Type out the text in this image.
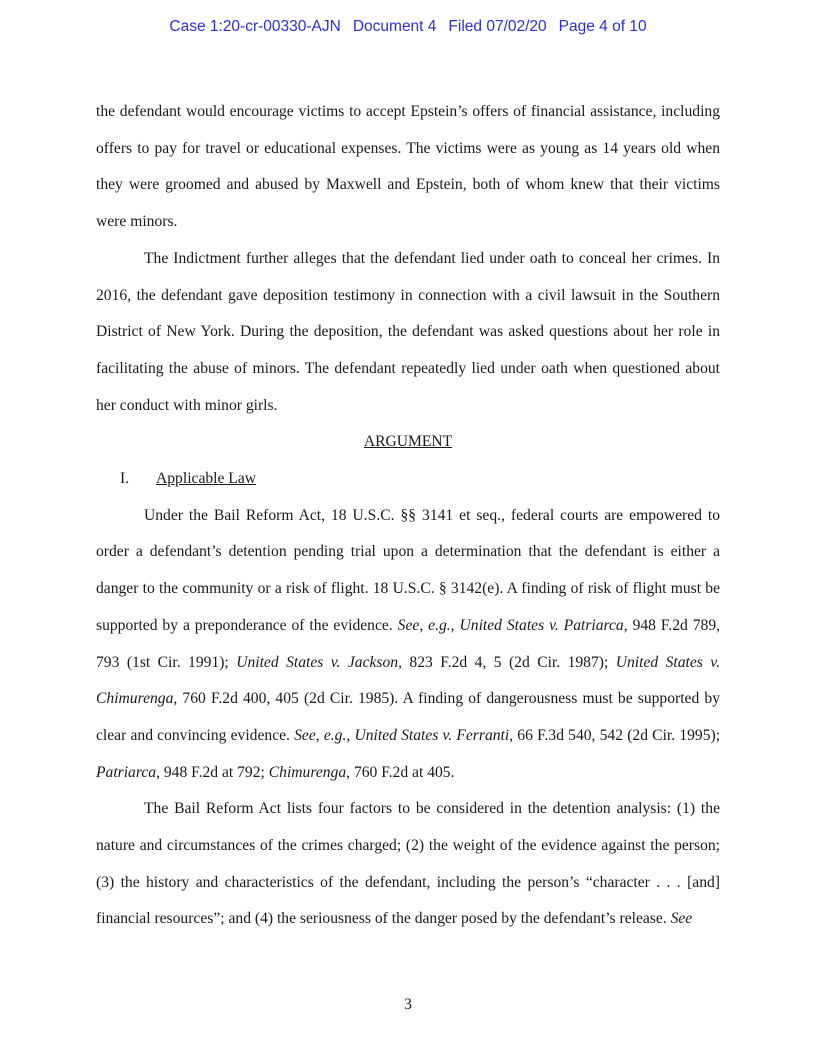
Case 1:20-cr-00330-AJN Document 4 Filed 07/02/20 Page 4 of 10

the defendant would encourage victims to accept Epstein’s offers of financial assistance, including offers to pay for travel or educational expenses. The victims were as young as 14 years old when they were groomed and abused by Maxwell and Epstein, both of whom knew that their victims were minors.

The Indictment further alleges that the defendant lied under oath to conceal her crimes. In 2016, the defendant gave deposition testimony in connection with a civil lawsuit in the Southern District of New York. During the deposition, the defendant was asked questions about her role in facilitating the abuse of minors. The defendant repeatedly lied under oath when questioned about her conduct with minor girls.

ARGUMENT

I. Applicable Law

Under the Bail Reform Act, 18 U.S.C. §§ 3141 et seq., federal courts are empowered to order a defendant’s detention pending trial upon a determination that the defendant is either a danger to the community or a risk of flight. 18 U.S.C. § 3142(e). A finding of risk of flight must be supported by a preponderance of the evidence. See, e.g., United States v. Patriarca, 948 F.2d 789, 793 (1st Cir. 1991); United States v. Jackson, 823 F.2d 4, 5 (2d Cir. 1987); United States v. Chimurenga, 760 F.2d 400, 405 (2d Cir. 1985). A finding of dangerousness must be supported by clear and convincing evidence. See, e.g., United States v. Ferranti, 66 F.3d 540, 542 (2d Cir. 1995); Patriarca, 948 F.2d at 792; Chimurenga, 760 F.2d at 405.

The Bail Reform Act lists four factors to be considered in the detention analysis: (1) the nature and circumstances of the crimes charged; (2) the weight of the evidence against the person; (3) the history and characteristics of the defendant, including the person’s “character . . . [and] financial resources”; and (4) the seriousness of the danger posed by the defendant’s release. See

3
